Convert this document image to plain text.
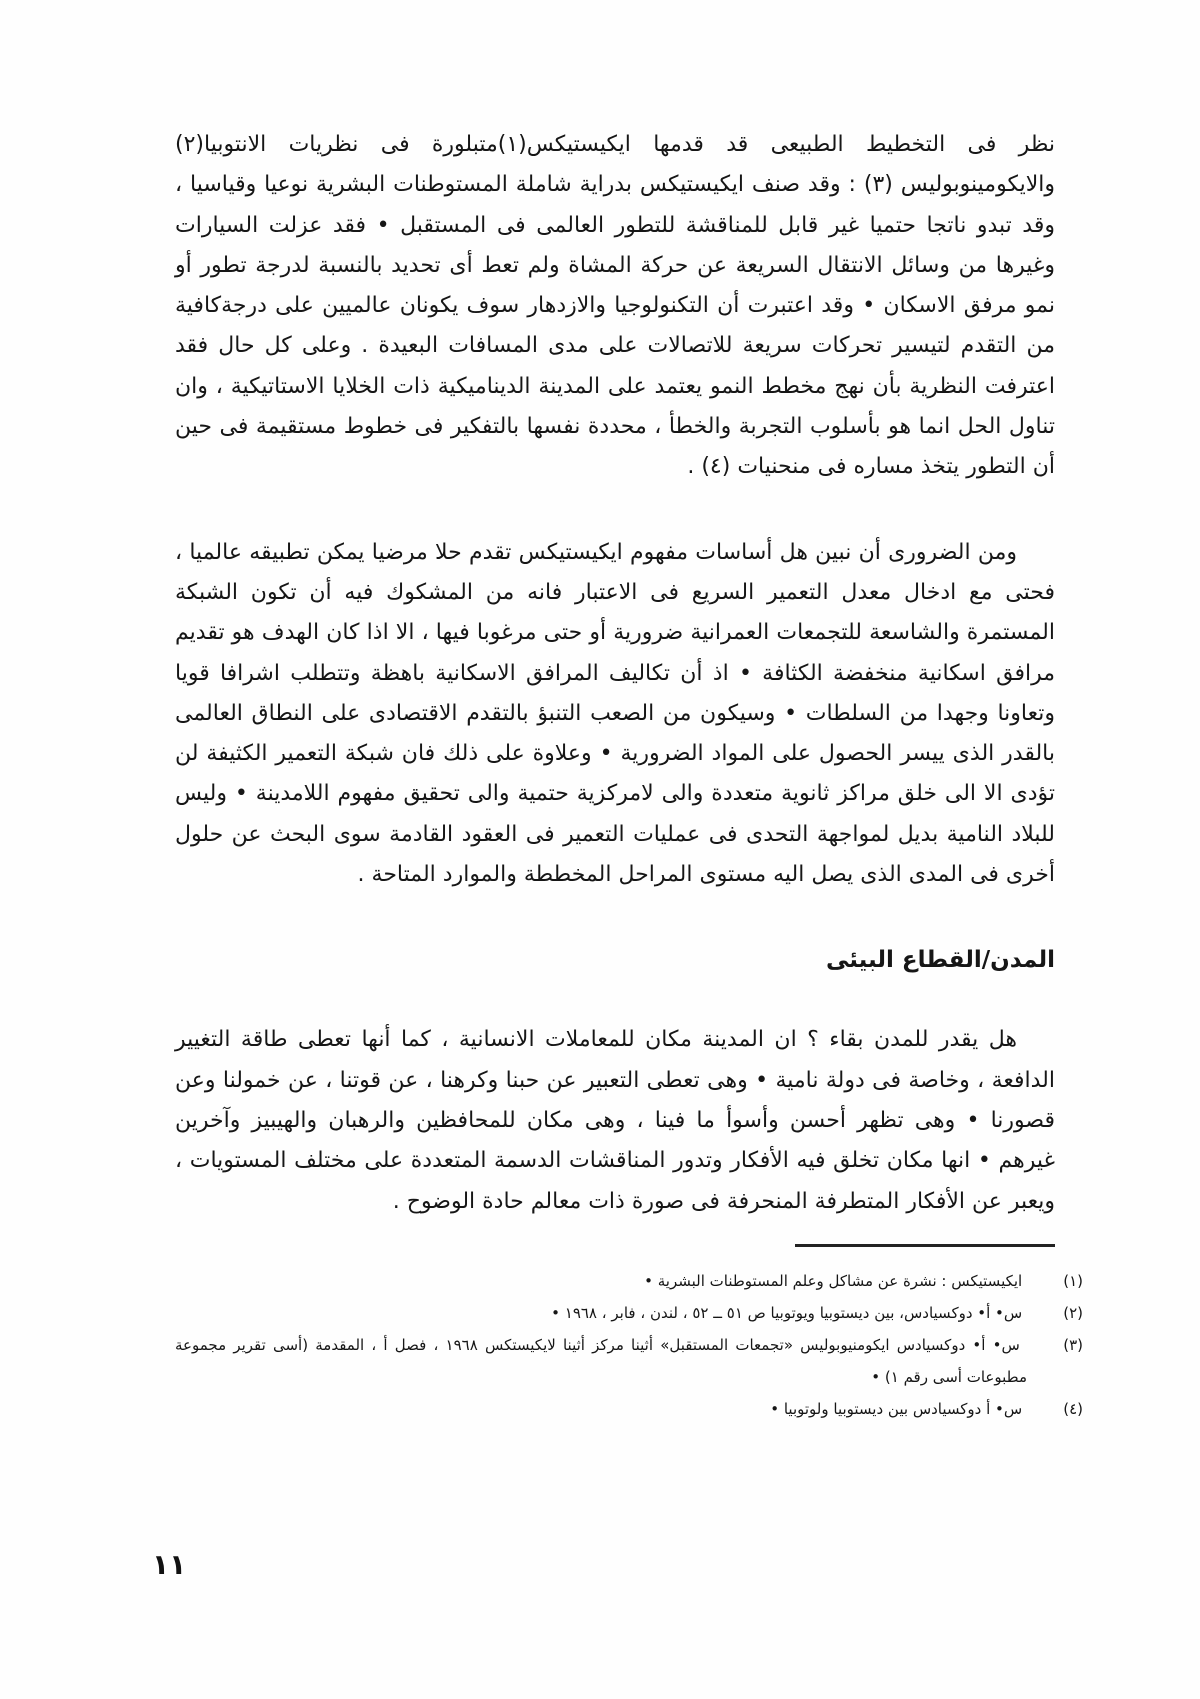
نظر فى التخطيط الطبيعى قد قدمها ايكيستيكس(١)متبلورة فى نظريات الانتوبيا(٢) والايكومينوبوليس (٣) : وقد صنف ايكيستيكس بدراية شاملة المستوطنات البشرية نوعيا وقياسيا ، وقد تبدو ناتجا حتميا غير قابل للمناقشة للتطور العالمى فى المستقبل • فقد عزلت السيارات وغيرها من وسائل الانتقال السريعة عن حركة المشاة ولم تعط أى تحديد بالنسبة لدرجة تطور أو نمو مرفق الاسكان • وقد اعتبرت أن التكنولوجيا والازدهار سوف يكونان عالميين على درجةكافية من التقدم لتيسير تحركات سريعة للاتصالات على مدى المسافات البعيدة . وعلى كل حال فقد اعترفت النظرية بأن نهج مخطط النمو يعتمد على المدينة الديناميكية ذات الخلايا الاستاتيكية ، وان تناول الحل انما هو بأسلوب التجربة والخطأ ، محددة نفسها بالتفكير فى خطوط مستقيمة فى حين أن التطور يتخذ مساره فى منحنيات (٤) .

ومن الضرورى أن نبين هل أساسات مفهوم ايكيستيكس تقدم حلا مرضيا يمكن تطبيقه عالميا ، فحتى مع ادخال معدل التعمير السريع فى الاعتبار فانه من المشكوك فيه أن تكون الشبكة المستمرة والشاسعة للتجمعات العمرانية ضرورية أو حتى مرغوبا فيها ، الا اذا كان الهدف هو تقديم مرافق اسكانية منخفضة الكثافة • اذ أن تكاليف المرافق الاسكانية باهظة وتتطلب اشرافا قويا وتعاونا وجهدا من السلطات • وسيكون من الصعب التنبؤ بالتقدم الاقتصادى على النطاق العالمى بالقدر الذى ييسر الحصول على المواد الضرورية • وعلاوة على ذلك فان شبكة التعمير الكثيفة لن تؤدى الا الى خلق مراكز ثانوية متعددة والى لامركزية حتمية والى تحقيق مفهوم اللامدينة • وليس للبلاد النامية بديل لمواجهة التحدى فى عمليات التعمير فى العقود القادمة سوى البحث عن حلول أخرى فى المدى الذى يصل اليه مستوى المراحل المخططة والموارد المتاحة .

المدن/القطاع البيئى

هل يقدر للمدن بقاء ؟ ان المدينة مكان للمعاملات الانسانية ، كما أنها تعطى طاقة التغيير الدافعة ، وخاصة فى دولة نامية • وهى تعطى التعبير عن حبنا وكرهنا ، عن قوتنا ، عن خمولنا وعن قصورنا • وهى تظهر أحسن وأسوأ ما فينا ، وهى مكان للمحافظين والرهبان والهيبيز وآخرين غيرهم • انها مكان تخلق فيه الأفكار وتدور المناقشات الدسمة المتعددة على مختلف المستويات ، ويعبر عن الأفكار المتطرفة المنحرفة فى صورة ذات معالم حادة الوضوح .

(١) ايكيستيكس : نشرة عن مشاكل وعلم المستوطنات البشرية •

(٢) س• أ• دوكسيادس، بين ديستوبيا ويوتوبيا ص ٥١ ــ ٥٢ ، لندن ، فابر ، ١٩٦٨ •

(٣) س• أ• دوكسيادس ايكومنيوبوليس «تجمعات المستقبل» أثينا مركز أثينا لايكيستكس ١٩٦٨ ، فصل أ ، المقدمة (أسى تقرير مجموعة مطبوعات أسى رقم ١) •

(٤) س• أ دوكسيادس بين ديستوبيا ولوتوبيا •

١١
